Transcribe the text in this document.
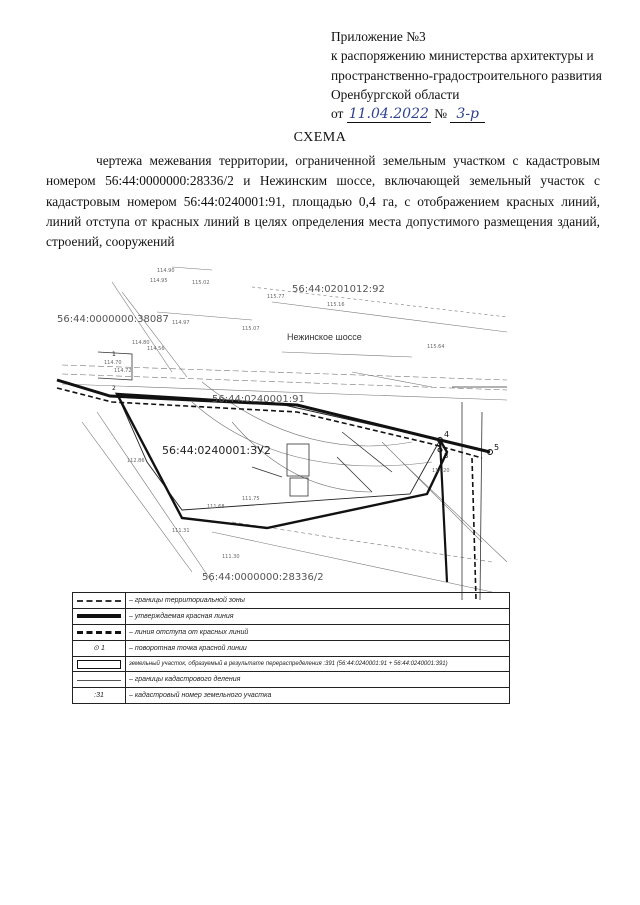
Приложение №3
к распоряжению министерства архитектуры и
пространственно-градостроительного развития
Оренбургской области
от 11.04.2022 № 3-р
СХЕМА
чертежа межевания территории, ограниченной земельным участком с кадастровым номером 56:44:0000000:28336/2 и Нежинским шоссе, включающей земельный участок с кадастровым номером 56:44:0240001:91, площадью 0,4 га, с отображением красных линий, линий отступа от красных линий в целях определения места допустимого размещения зданий, строений, сооружений
56:44:0201012:92
56:44:0000000:38087
Нежинское шоссе
56:44:0240001:91
56:44:0240001:ЗУ2
56:44:0000000:28336/2
4
5
3
1
2
114.90
114.95	115.02
114.97
115.07
114.80
114.56
114.70
114.72
115.64
115.77
115.16
114.20
111.75
111.68
111.30
111.31
112.86
	– границы территориальной зоны

	– утверждаемая красная линия

	– линия отступа от красных линий
⊙ 1	– поворотная точка красной линии

	земельный участок, образуемый в результате перераспределения :391 (56:44:0240001:91 + 56:44:0240001:391)

	– границы кадастрового деления
:31	– кадастровый номер земельного участка
